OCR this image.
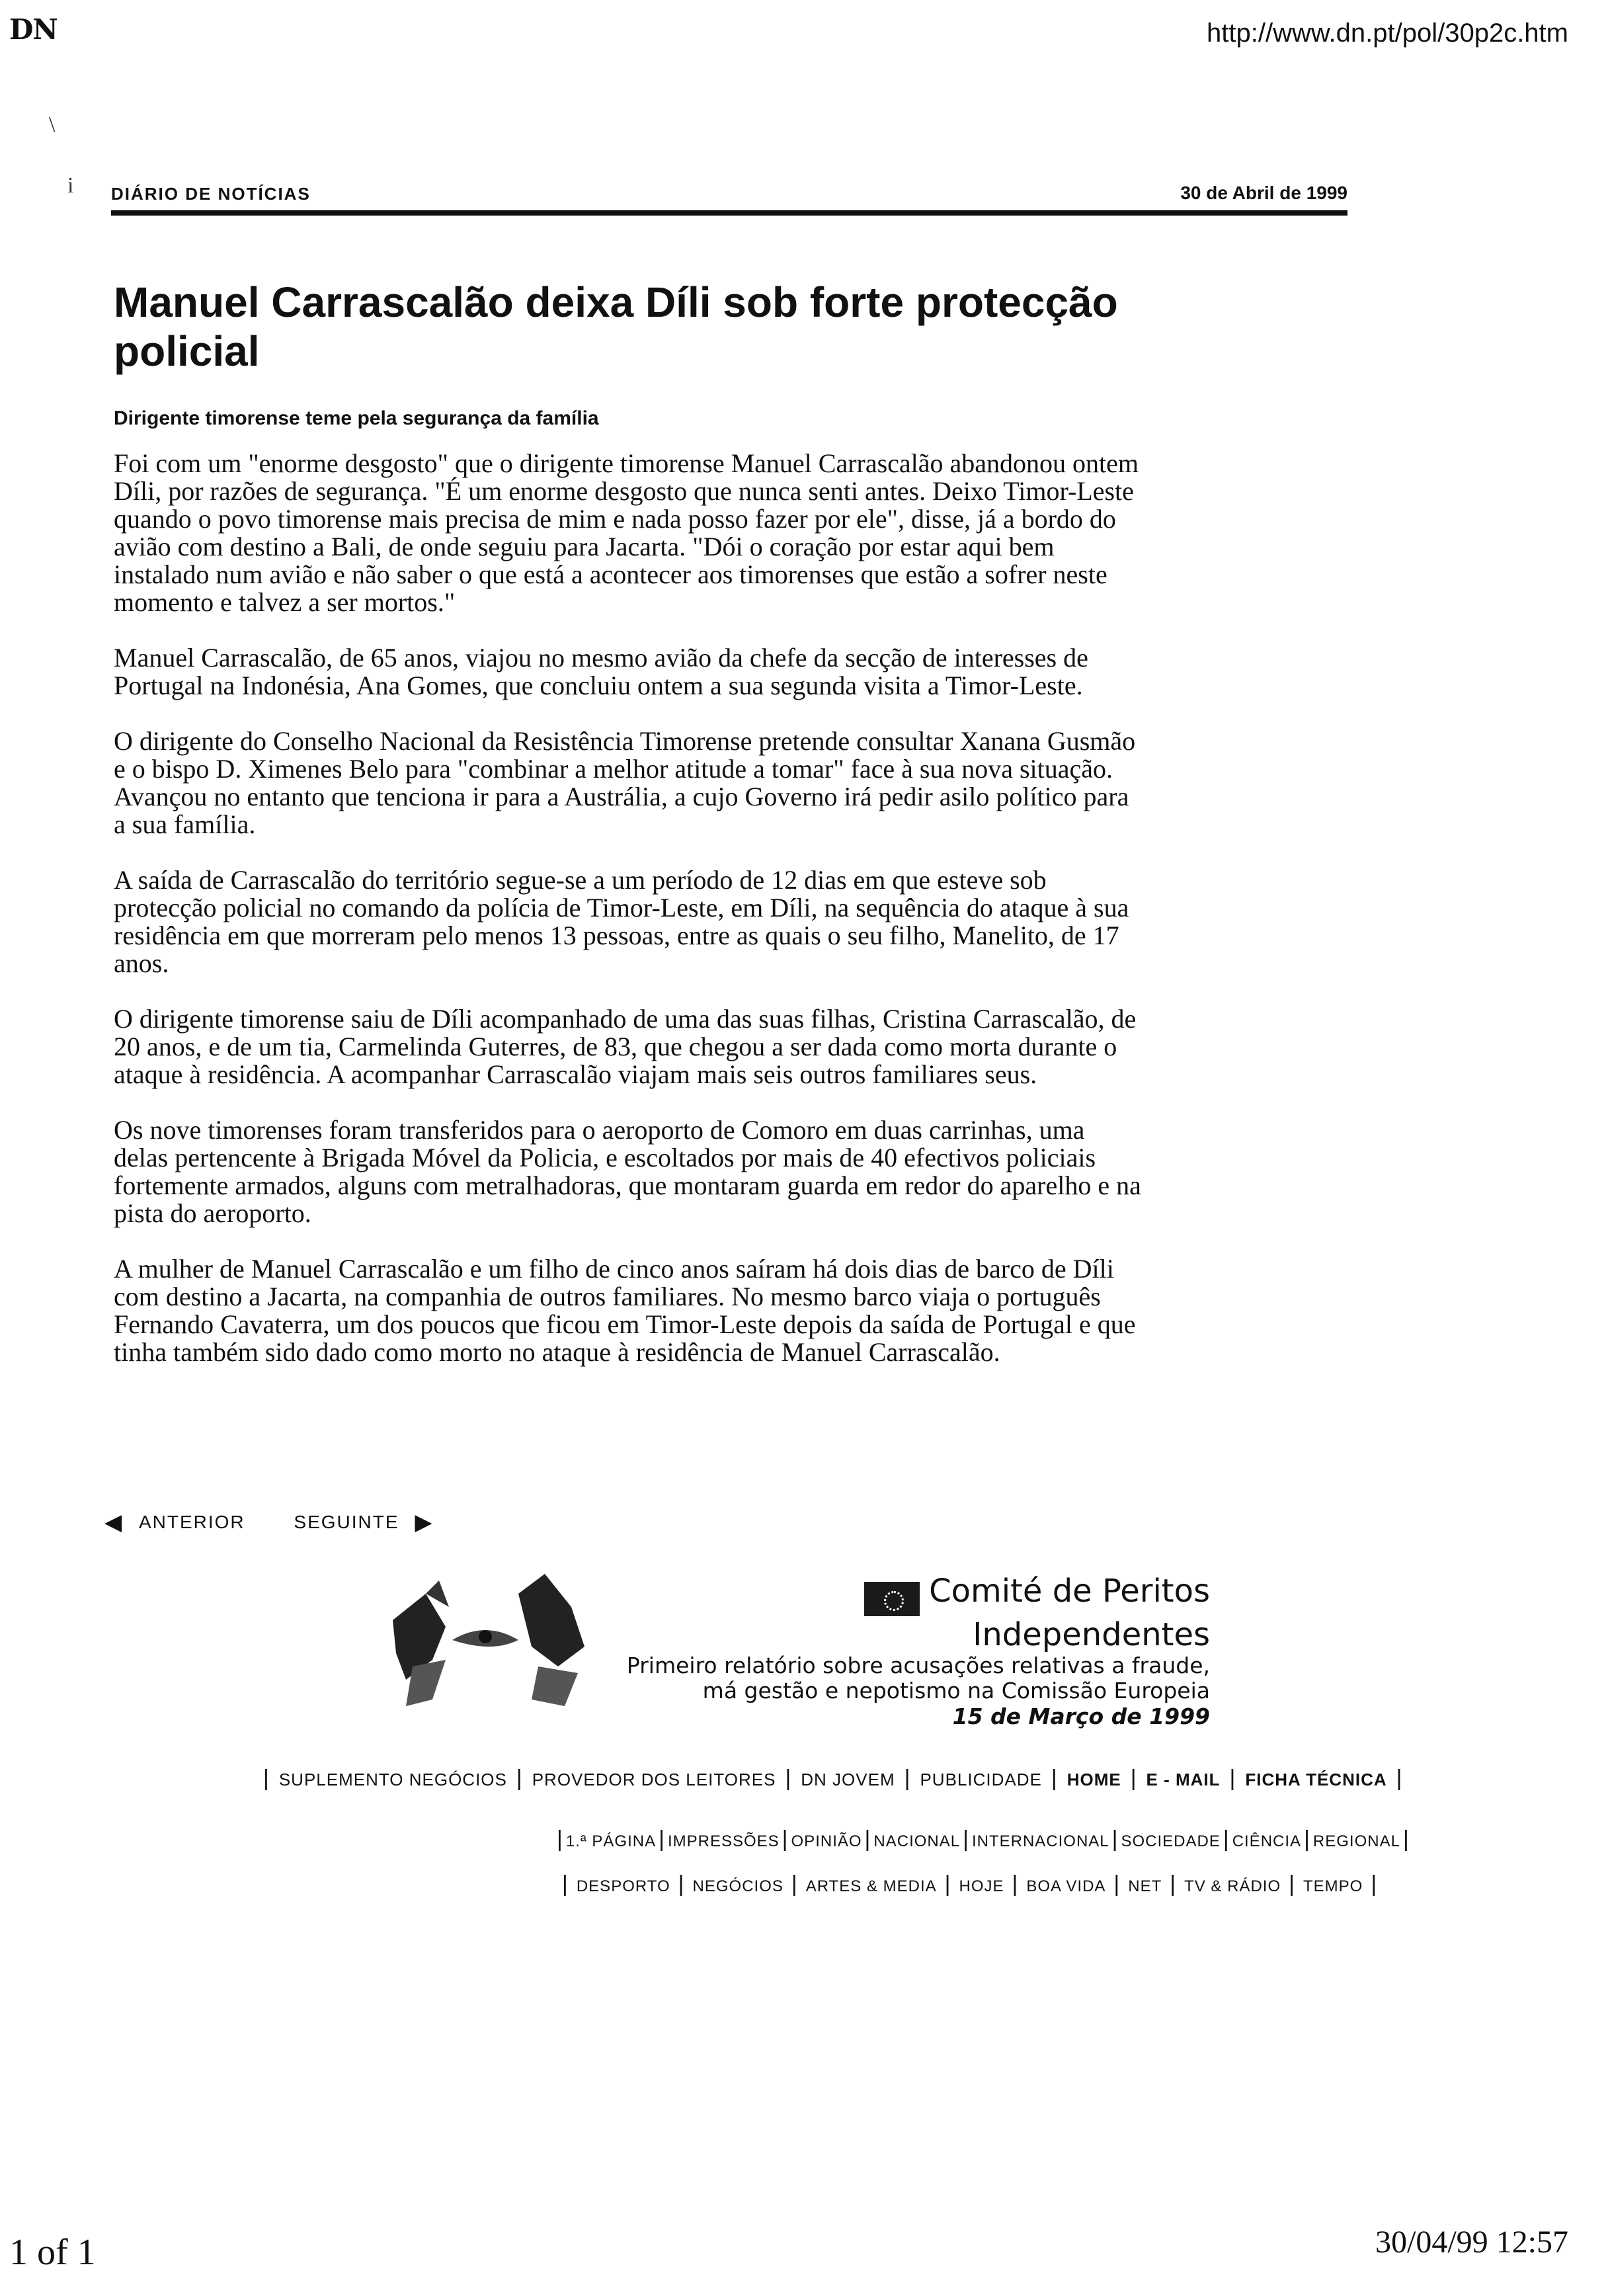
DN	http://www.dn.pt/pol/30p2c.htm
\
i DIÁRIO DE NOTÍCIAS	30 de Abril de 1999
Manuel Carrascalão deixa Díli sob forte protecção policial
Dirigente timorense teme pela segurança da família

Foi com um "enorme desgosto" que o dirigente timorense Manuel Carrascalão abandonou ontem Díli, por razões de segurança. "É um enorme desgosto que nunca senti antes. Deixo Timor-Leste quando o povo timorense mais precisa de mim e nada posso fazer por ele", disse, já a bordo do avião com destino a Bali, de onde seguiu para Jacarta. "Dói o coração por estar aqui bem instalado num avião e não saber o que está a acontecer aos timorenses que estão a sofrer neste momento e talvez a ser mortos."

Manuel Carrascalão, de 65 anos, viajou no mesmo avião da chefe da secção de interesses de Portugal na Indonésia, Ana Gomes, que concluiu ontem a sua segunda visita a Timor-Leste.

O dirigente do Conselho Nacional da Resistência Timorense pretende consultar Xanana Gusmão e o bispo D. Ximenes Belo para "combinar a melhor atitude a tomar" face à sua nova situação. Avançou no entanto que tenciona ir para a Austrália, a cujo Governo irá pedir asilo político para a sua família.

A saída de Carrascalão do território segue-se a um período de 12 dias em que esteve sob protecção policial no comando da polícia de Timor-Leste, em Díli, na sequência do ataque à sua residência em que morreram pelo menos 13 pessoas, entre as quais o seu filho, Manelito, de 17 anos.

O dirigente timorense saiu de Díli acompanhado de uma das suas filhas, Cristina Carrascalão, de 20 anos, e de um tia, Carmelinda Guterres, de 83, que chegou a ser dada como morta durante o ataque à residência. A acompanhar Carrascalão viajam mais seis outros familiares seus.

Os nove timorenses foram transferidos para o aeroporto de Comoro em duas carrinhas, uma delas pertencente à Brigada Móvel da Policia, e escoltados por mais de 40 efectivos policiais fortemente armados, alguns com metralhadoras, que montaram guarda em redor do aparelho e na pista do aeroporto.

A mulher de Manuel Carrascalão e um filho de cinco anos saíram há dois dias de barco de Díli com destino a Jacarta, na companhia de outros familiares. No mesmo barco viaja o português Fernando Cavaterra, um dos poucos que ficou em Timor-Leste depois da saída de Portugal e que tinha também sido dado como morto no ataque à residência de Manuel Carrascalão.

◀︎ ANTERIOR	SEGUINTE ▶︎
Comité de Peritos Independentes
Primeiro relatório sobre acusações relativas a fraude,
má gestão e nepotismo na Comissão Europeia
15 de Março de 1999
| SUPLEMENTO NEGÓCIOS | PROVEDOR DOS LEITORES | DN JOVEM | PUBLICIDADE | HOME | E - MAIL | FICHA TÉCNICA |
| 1.ª PÁGINA | IMPRESSÕES | OPINIÃO | NACIONAL | INTERNACIONAL | SOCIEDADE | CIÊNCIA | REGIONAL |
| DESPORTO | NEGÓCIOS | ARTES & MEDIA | HOJE | BOA VIDA | NET | TV & RÁDIO | TEMPO |
1 of 1	30/04/99 12:57
